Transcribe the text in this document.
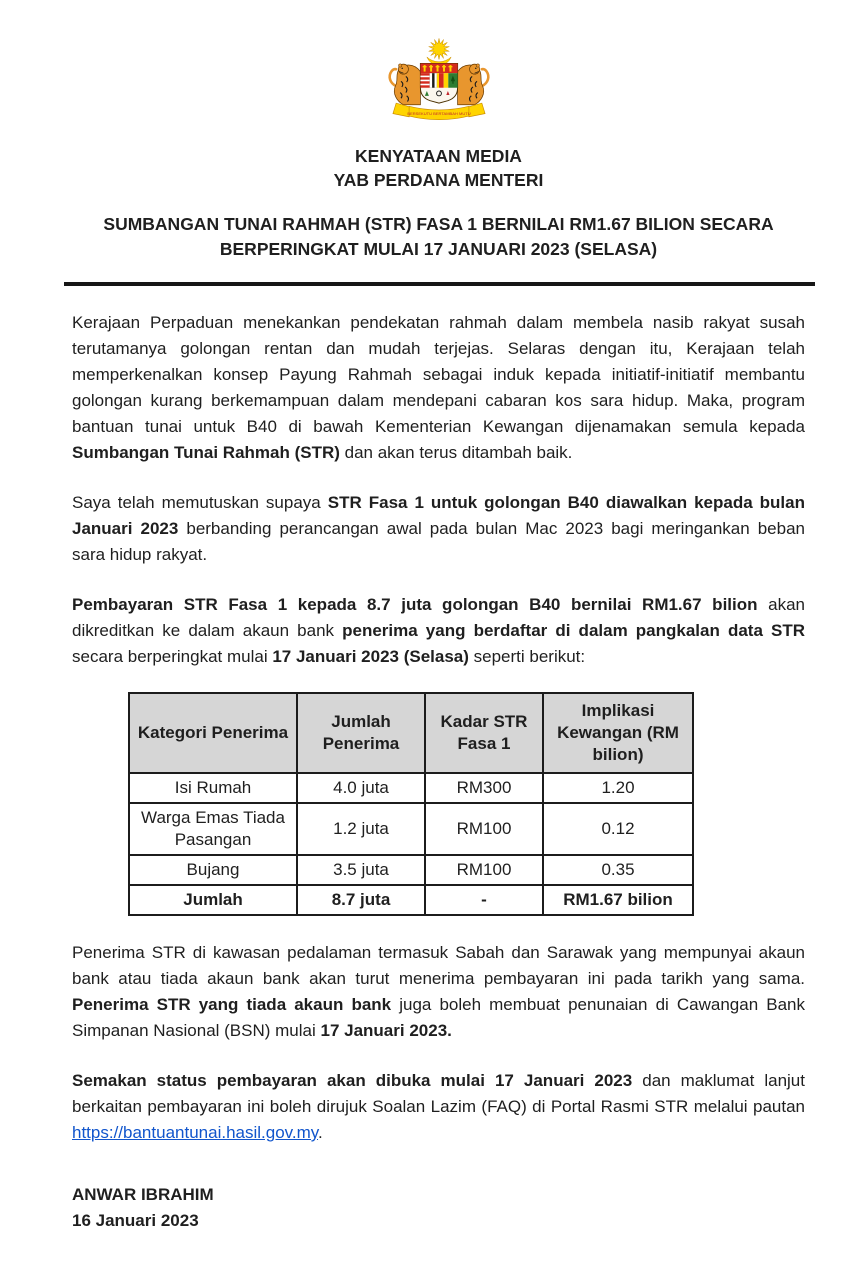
BERSEKUTU BERTAMBAH MUTU
KENYATAAN MEDIA
YAB PERDANA MENTERI
SUMBANGAN TUNAI RAHMAH (STR) FASA 1 BERNILAI RM1.67 BILION SECARA
BERPERINGKAT MULAI 17 JANUARI 2023 (SELASA)

Kerajaan Perpaduan menekankan pendekatan rahmah dalam membela nasib rakyat susah terutamanya golongan rentan dan mudah terjejas. Selaras dengan itu, Kerajaan telah memperkenalkan konsep Payung Rahmah sebagai induk kepada initiatif-initiatif membantu golongan kurang berkemampuan dalam mendepani cabaran kos sara hidup. Maka, program bantuan tunai untuk B40 di bawah Kementerian Kewangan dijenamakan semula kepada Sumbangan Tunai Rahmah (STR) dan akan terus ditambah baik.

Saya telah memutuskan supaya STR Fasa 1 untuk golongan B40 diawalkan kepada bulan Januari 2023 berbanding perancangan awal pada bulan Mac 2023 bagi meringankan beban sara hidup rakyat.

Pembayaran STR Fasa 1 kepada 8.7 juta golongan B40 bernilai RM1.67 bilion akan dikreditkan ke dalam akaun bank penerima yang berdaftar di dalam pangkalan data STR secara berperingkat mulai 17 Januari 2023 (Selasa) seperti berikut:

Kategori Penerima	Jumlah Penerima	Kadar STR Fasa 1	Implikasi Kewangan (RM bilion)
Isi Rumah	4.0 juta	RM300	1.20
Warga Emas Tiada Pasangan	1.2 juta	RM100	0.12
Bujang	3.5 juta	RM100	0.35
Jumlah	8.7 juta	-	RM1.67 bilion

Penerima STR di kawasan pedalaman termasuk Sabah dan Sarawak yang mempunyai akaun bank atau tiada akaun bank akan turut menerima pembayaran ini pada tarikh yang sama. Penerima STR yang tiada akaun bank juga boleh membuat penunaian di Cawangan Bank Simpanan Nasional (BSN) mulai 17 Januari 2023.

Semakan status pembayaran akan dibuka mulai 17 Januari 2023 dan maklumat lanjut berkaitan pembayaran ini boleh dirujuk Soalan Lazim (FAQ) di Portal Rasmi STR melalui pautan https://bantuantunai.hasil.gov.my.

ANWAR IBRAHIM
16 Januari 2023
